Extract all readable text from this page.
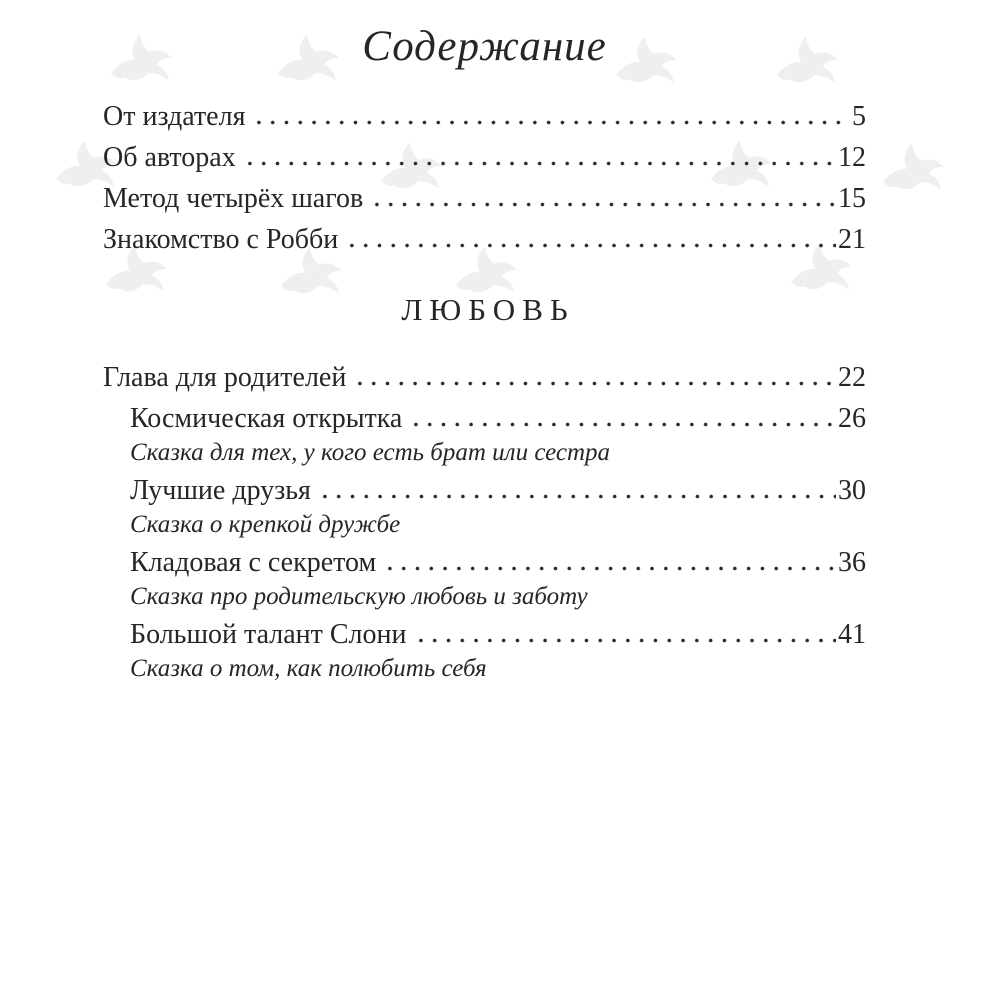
Содержание
От издателя	5
Об авторах	12
Метод четырёх шагов	15
Знакомство с Робби	21
ЛЮБОВЬ
Глава для родителей	22
Космическая открытка	26
Сказка для тех, у кого есть брат или сестра
Лучшие друзья	30
Сказка о крепкой дружбе
Кладовая с секретом	36
Сказка про родительскую любовь и заботу
Большой талант Слони	41
Сказка о том, как полюбить себя
